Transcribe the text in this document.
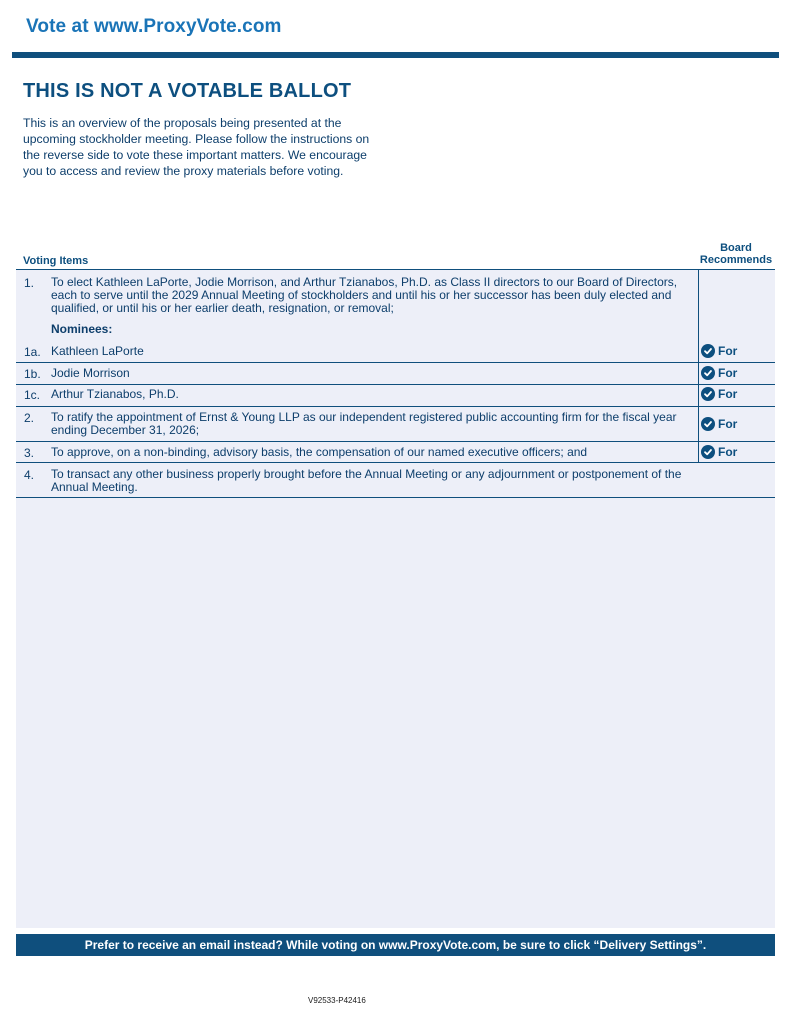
Vote at www.ProxyVote.com
THIS IS NOT A VOTABLE BALLOT
This is an overview of the proposals being presented at the upcoming stockholder meeting. Please follow the instructions on the reverse side to vote these important matters. We encourage you to access and review the proxy materials before voting.
Voting Items
Board
Recommends
1. To elect Kathleen LaPorte, Jodie Morrison, and Arthur Tzianabos, Ph.D. as Class II directors to our Board of Directors, each to serve until the 2029 Annual Meeting of stockholders and until his or her successor has been duly elected and qualified, or until his or her earlier death, resignation, or removal;
Nominees:
1a. Kathleen LaPorte	For
1b. Jodie Morrison	For
1c. Arthur Tzianabos, Ph.D.	For
2. To ratify the appointment of Ernst & Young LLP as our independent registered public accounting firm for the fiscal year ending December 31, 2026;	For
3. To approve, on a non-binding, advisory basis, the compensation of our named executive officers; and	For
4. To transact any other business properly brought before the Annual Meeting or any adjournment or postponement of the Annual Meeting.
Prefer to receive an email instead? While voting on www.ProxyVote.com, be sure to click “Delivery Settings”.
V92533-P42416
